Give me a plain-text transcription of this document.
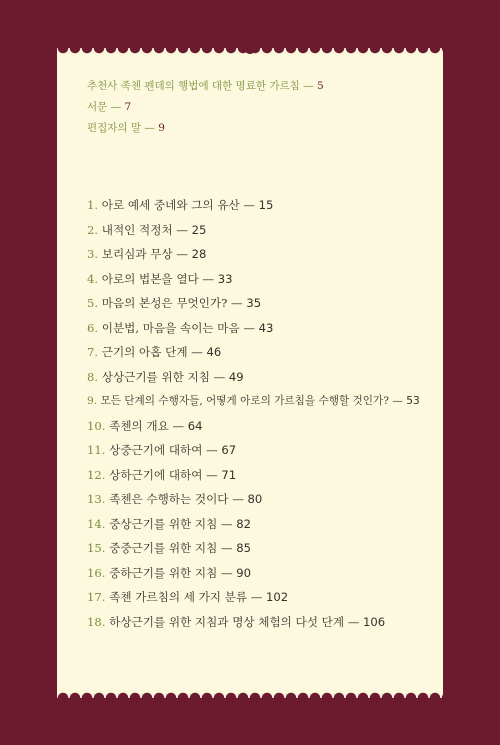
추천사 족첸 펜데의 행법에 대한 명료한 가르침 — 5
서문 — 7
편집자의 말 — 9
1. 아로 예세 중네와 그의 유산 — 15
2. 내적인 적정처 — 25
3. 보리심과 무상 — 28
4. 아로의 법본을 열다 — 33
5. 마음의 본성은 무엇인가? — 35
6. 이분법, 마음을 속이는 마음 — 43
7. 근기의 아홉 단계 — 46
8. 상상근기를 위한 지침 — 49
9. 모든 단계의 수행자들, 어떻게 아로의 가르침을 수행할 것인가? — 53
10. 족첸의 개요 — 64
11. 상중근기에 대하여 — 67
12. 상하근기에 대하여 — 71
13. 족첸은 수행하는 것이다 — 80
14. 중상근기를 위한 지침 — 82
15. 중중근기를 위한 지침 — 85
16. 중하근기를 위한 지침 — 90
17. 족첸 가르침의 세 가지 분류 — 102
18. 하상근기를 위한 지침과 명상 체험의 다섯 단계 — 106
